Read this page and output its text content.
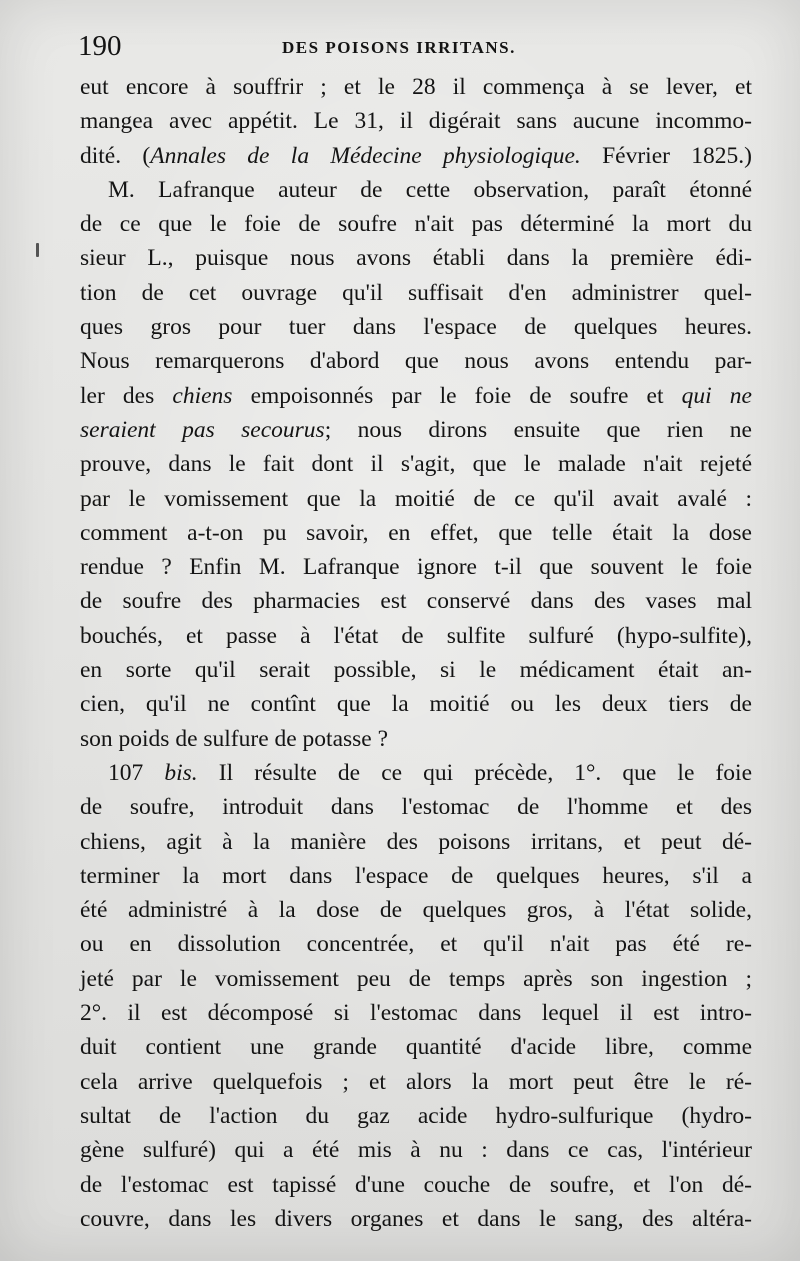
190	DES POISONS IRRITANS.
eut encore à souffrir ; et le 28 il commença à se lever, et
mangea avec appétit. Le 31, il digérait sans aucune incommo-
dité. (Annales de la Médecine physiologique. Février 1825.)
M. Lafranque auteur de cette observation, paraît étonné
de ce que le foie de soufre n'ait pas déterminé la mort du
sieur L., puisque nous avons établi dans la première édi-
tion de cet ouvrage qu'il suffisait d'en administrer quel-
ques gros pour tuer dans l'espace de quelques heures.
Nous remarquerons d'abord que nous avons entendu par-
ler des chiens empoisonnés par le foie de soufre et qui ne
seraient pas secourus; nous dirons ensuite que rien ne
prouve, dans le fait dont il s'agit, que le malade n'ait rejeté
par le vomissement que la moitié de ce qu'il avait avalé :
comment a-t-on pu savoir, en effet, que telle était la dose
rendue ? Enfin M. Lafranque ignore t-il que souvent le foie
de soufre des pharmacies est conservé dans des vases mal
bouchés, et passe à l'état de sulfite sulfuré (hypo-sulfite),
en sorte qu'il serait possible, si le médicament était an-
cien, qu'il ne contînt que la moitié ou les deux tiers de
son poids de sulfure de potasse ?
107 bis. Il résulte de ce qui précède, 1°. que le foie
de soufre, introduit dans l'estomac de l'homme et des
chiens, agit à la manière des poisons irritans, et peut dé-
terminer la mort dans l'espace de quelques heures, s'il a
été administré à la dose de quelques gros, à l'état solide,
ou en dissolution concentrée, et qu'il n'ait pas été re-
jeté par le vomissement peu de temps après son ingestion ;
2°. il est décomposé si l'estomac dans lequel il est intro-
duit contient une grande quantité d'acide libre, comme
cela arrive quelquefois ; et alors la mort peut être le ré-
sultat de l'action du gaz acide hydro-sulfurique (hydro-
gène sulfuré) qui a été mis à nu : dans ce cas, l'intérieur
de l'estomac est tapissé d'une couche de soufre, et l'on dé-
couvre, dans les divers organes et dans le sang, des altéra-
